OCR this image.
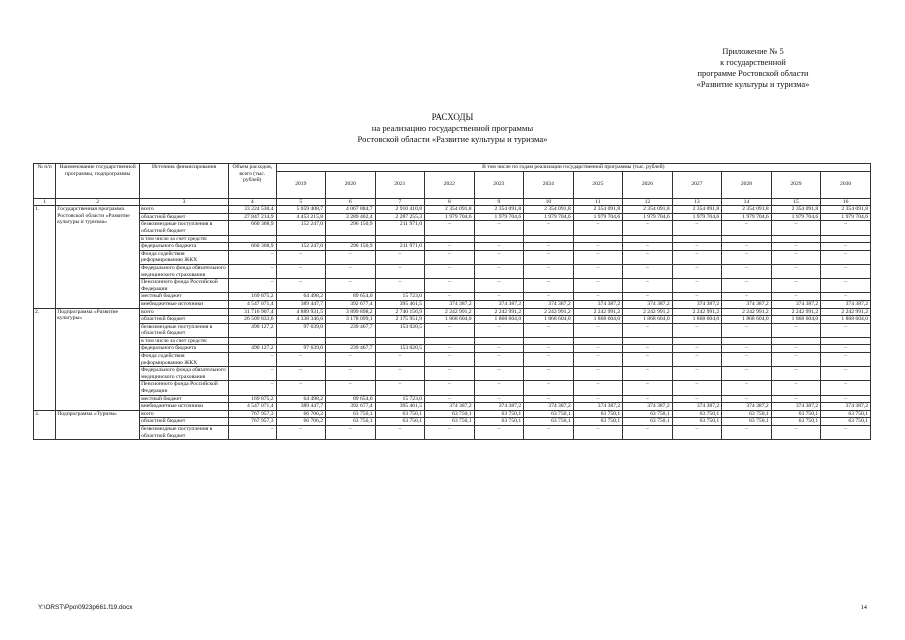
Приложение № 5
к государственной
программе Ростовской области
«Развитие культуры и туризма»
РАСХОДЫ
на реализацию государственной программы
Ростовской области «Развитие культуры и туризма»
№ п/п	Наименование государственной программы, подпрограммы	Источник финансирования	Объем расходов, всего (тыс. рублей)	В том числе по годам реализации государственной программы (тыс. рублей)											
				2019	2020	2021	2022	2023	2024	2025	2026	2027	2028	2029	2030
1	2	3	4	5	6	7	8	9	10	11	12	13	14	15	16
1.	Государственная программа Ростовской области «Развитие культуры и туризма»	всего	33 224 530,4	5 059 408,7	4 067 884,7	2 910 410,8	2 354 091,8	2 354 091,8	2 354 091,8	2 354 091,8	2 354 091,8	2 354 091,8	2 354 091,8	2 354 091,8	2 354 091,8
		областной бюджет	27 847 214,9	4 453 215,8	3 289 402,4	2 287 255,3	1 979 704,6	1 979 704,6	1 979 704,6	1 979 704,6	1 979 704,6	1 979 704,6	1 979 704,6	1 979 704,6	1 979 704,6
		безвозмездные поступления в областной бюджет	660 368,9	152 247,0	296 150,9	211 971,0	–	–	–	–	–	–	–	–	–
		в том числе за счет средств:													
		федерального бюджета	660 368,9	152 247,0	296 150,9	211 971,0	–	–	–	–	–	–	–	–	–
		Фонда содействия реформированию ЖКХ	–	–	–	–	–	–	–	–	–	–	–	–	–
		Федерального фонда обязательного медицинского страхования	–	–	–	–	–	–	–	–	–	–	–	–	–
		Пенсионного фонда Российской Федерации	–	–	–	–	–	–	–	–	–	–	–	–	–
		местный бюджет	169 875,2	64 498,2	89 654,0	15 723,0	–	–	–	–	–	–	–	–	–
		внебюджетные источники	4 547 071,4	389 447,7	392 677,4	395 461,5	374 387,2	374 387,2	374 387,2	374 387,2	374 387,2	374 387,2	374 387,2	374 387,2	374 387,2
2.	Подпрограмма «Развитие культуры»	всего	31 716 907,4	4 889 931,5	3 899 898,2	2 740 156,9	2 242 991,2	2 242 991,2	2 242 991,2	2 242 991,2	2 242 991,2	2 242 991,2	2 242 991,2	2 242 991,2	2 242 991,2
		областной бюджет	26 509 833,6	4 338 346,6	3 178 099,1	2 175 951,9	1 868 604,0	1 868 604,0	1 868 604,0	1 868 604,0	1 868 604,0	1 868 604,0	1 868 604,0	1 868 604,0	1 868 604,0
		безвозмездные поступления в областной бюджет	490 127,2	97 639,0	239 467,7	153 020,5	–	–	–	–	–	–	–	–	–
		в том числе за счет средств:													
		федерального бюджета	490 127,2	97 639,0	239 467,7	153 020,5	–	–	–	–	–	–	–	–	–
		Фонда содействия реформированию ЖКХ	–	–	–	–	–	–	–	–	–	–	–	–	–
		Федерального фонда обязательного медицинского страхования	–	–	–	–	–	–	–	–	–	–	–	–	–
		Пенсионного фонда Российской Федерации	–	–	–	–	–	–	–	–	–	–	–	–	–
		местный бюджет	169 875,2	64 498,2	89 654,0	15 723,0	–	–	–	–	–	–	–	–	–
		внебюджетные источники	4 547 071,4	389 447,7	392 677,4	395 461,5	374 387,2	374 387,2	374 387,2	374 387,2	374 387,2	374 387,2	374 387,2	374 387,2	374 387,2
3.	Подпрограмма «Туризм»	всего	767 957,3	66 706,2	63 750,1	63 750,1	63 750,1	63 750,1	63 750,1	63 750,1	63 750,1	63 750,1	63 750,1	63 750,1	63 750,1
		областной бюджет	767 957,3	66 706,2	63 750,1	63 750,1	63 750,1	63 750,1	63 750,1	63 750,1	63 750,1	63 750,1	63 750,1	63 750,1	63 750,1
		безвозмездные поступления в областной бюджет	–	–	–	–	–	–	–	–	–	–	–	–	–
Y:\ORST\Ppo\0923p661.f19.docx	14
